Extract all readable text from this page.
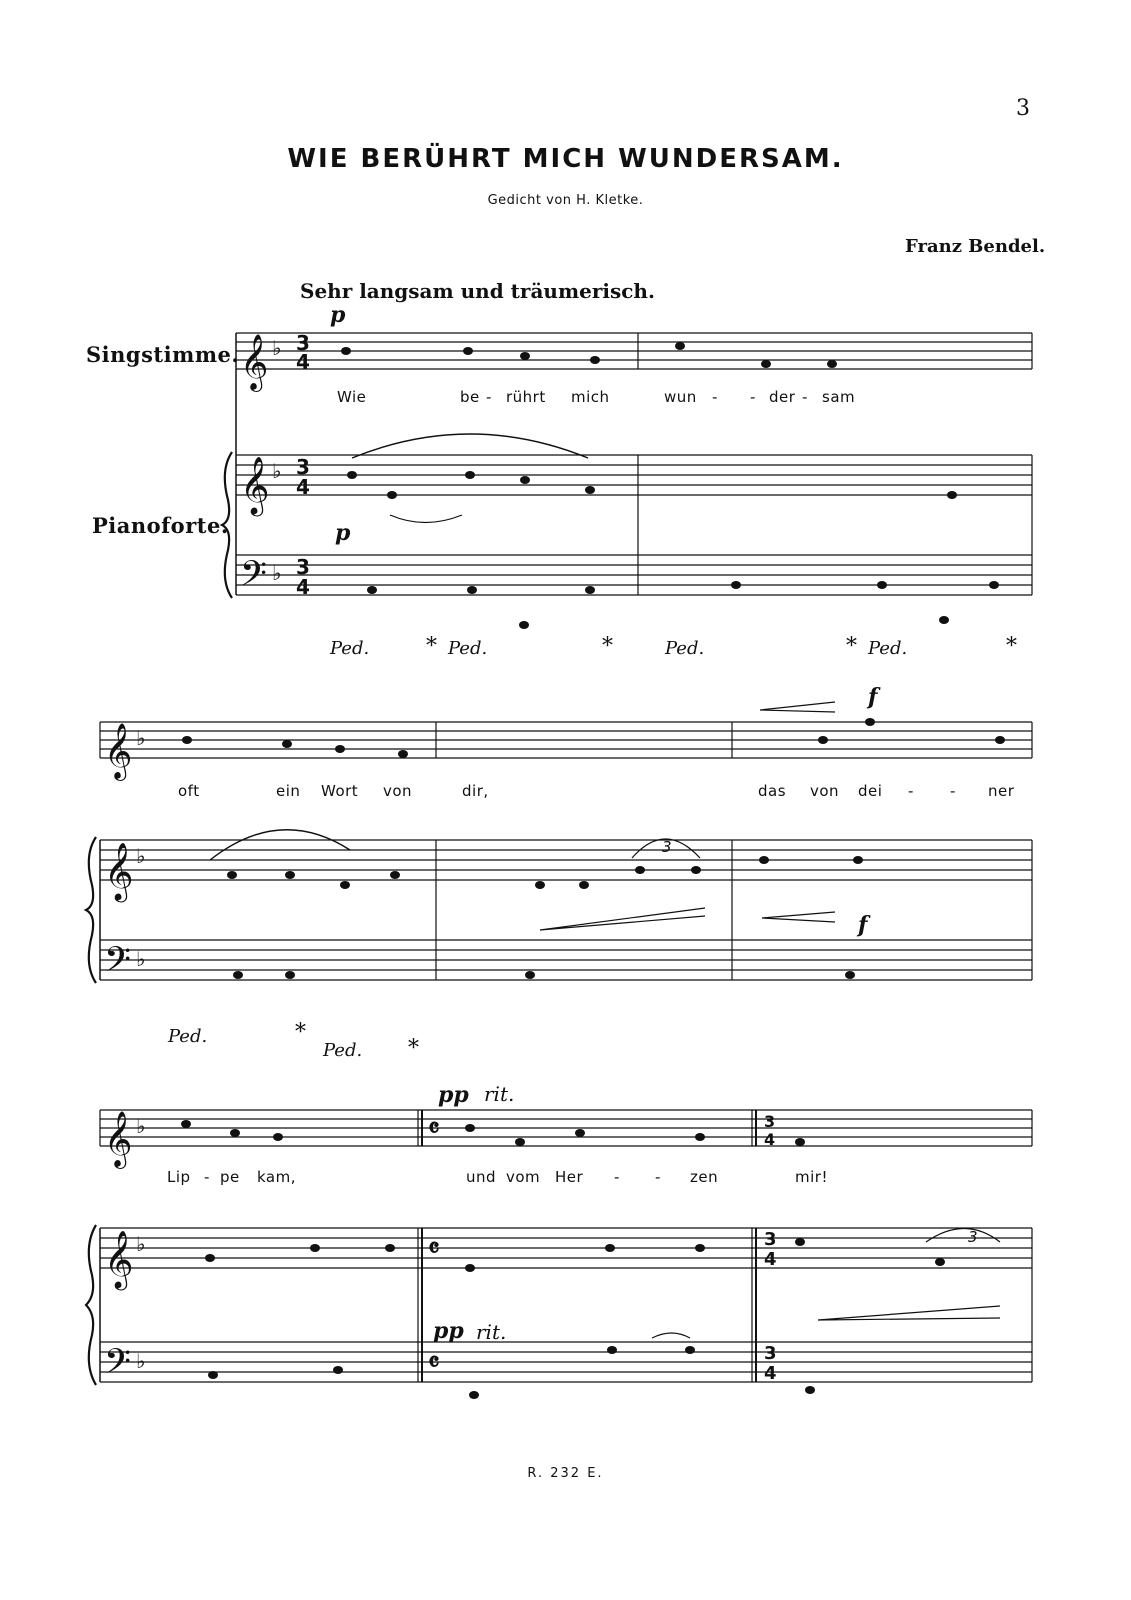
3
WIE BERÜHRT MICH WUNDERSAM.
Gedicht von H. Kletke.
Franz Bendel.
Sehr langsam und träumerisch.
Singstimme.
Pianoforte.
p
p
Wie	be - rührt mich	wun - - der - sam
Ped.	* Ped.	*	Ped.	* Ped.	*
f
f
3
oft	ein Wort von	dir,	das von dei - - ner
Ped.	*
Ped. *
pp rit.
pp rit.
3
Lip - pe kam,	und vom Her - - zen	mir!
R. 232 E.
𝄞
𝄞
𝄢
♭
♭
♭
3
4
3
4
3
4
𝄞
𝄞
𝄢
♭
♭
♭
𝄞
𝄞
𝄢
♭
♭
♭
𝄴
𝄴
𝄴
3
4
3
4
3
4
